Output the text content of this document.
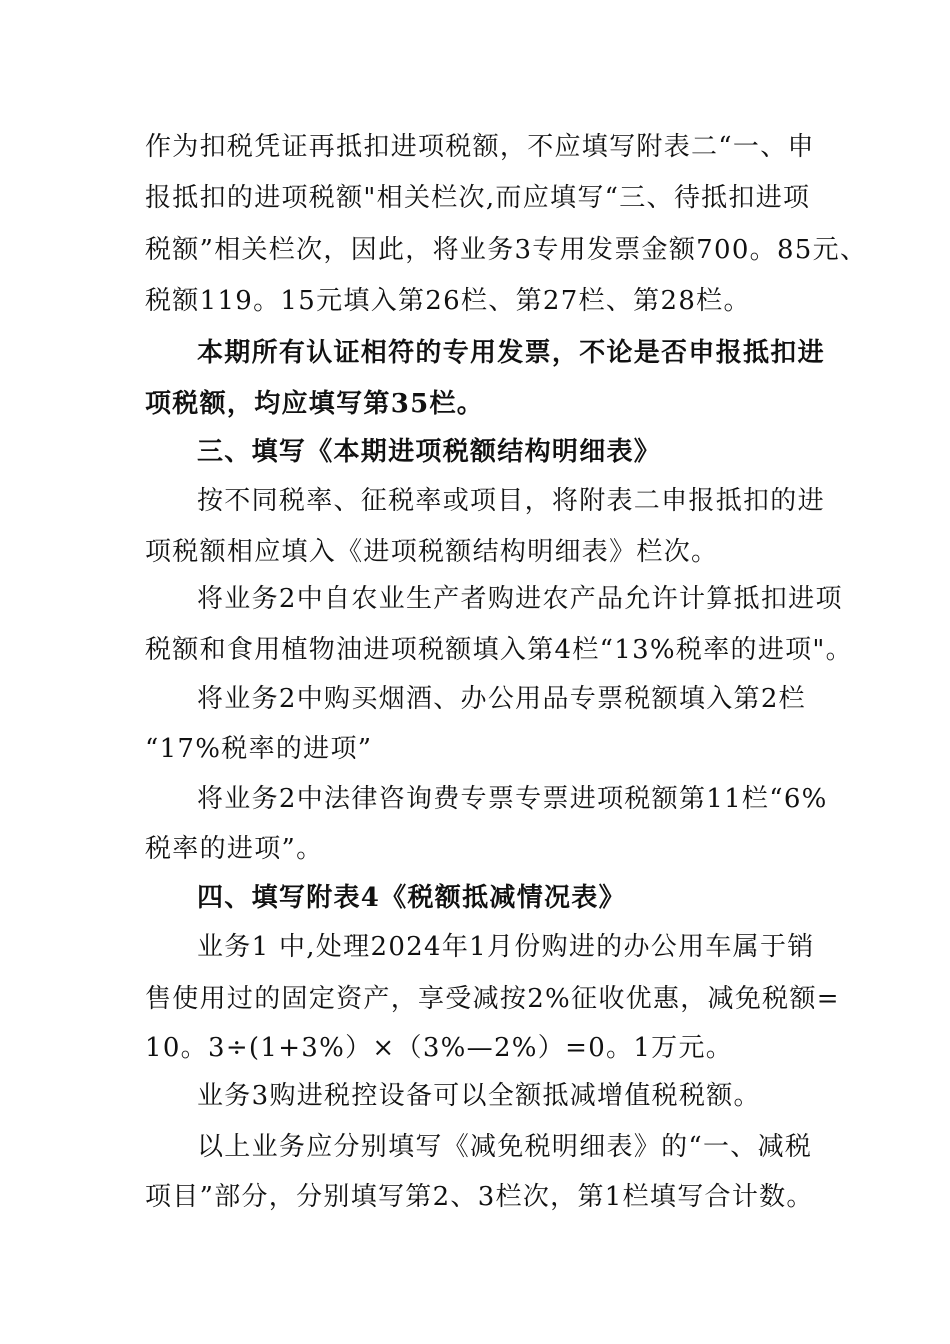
作为扣税凭证再抵扣进项税额，不应填写附表二“一、申
报抵扣的进项税额"相关栏次,而应填写“三、待抵扣进项
税额”相关栏次，因此，将业务3专用发票金额700。85元、
税额119。15元填入第26栏、第27栏、第28栏。
本期所有认证相符的专用发票，不论是否申报抵扣进
项税额，均应填写第35栏。
三、填写《本期进项税额结构明细表》
按不同税率、征税率或项目，将附表二申报抵扣的进
项税额相应填入《进项税额结构明细表》栏次。
将业务2中自农业生产者购进农产品允许计算抵扣进项
税额和食用植物油进项税额填入第4栏“13%税率的进项"。
将业务2中购买烟酒、办公用品专票税额填入第2栏
“17%税率的进项”
将业务2中法律咨询费专票专票进项税额第11栏“6%
税率的进项”。
四、填写附表4《税额抵减情况表》
业务1 中,处理2024年1月份购进的办公用车属于销
售使用过的固定资产，享受减按2%征收优惠，减免税额=
10。3÷(1+3%）×（3%—2%）=0。1万元。
业务3购进税控设备可以全额抵减增值税税额。
以上业务应分别填写《减免税明细表》的“一、减税
项目”部分，分别填写第2、3栏次，第1栏填写合计数。
